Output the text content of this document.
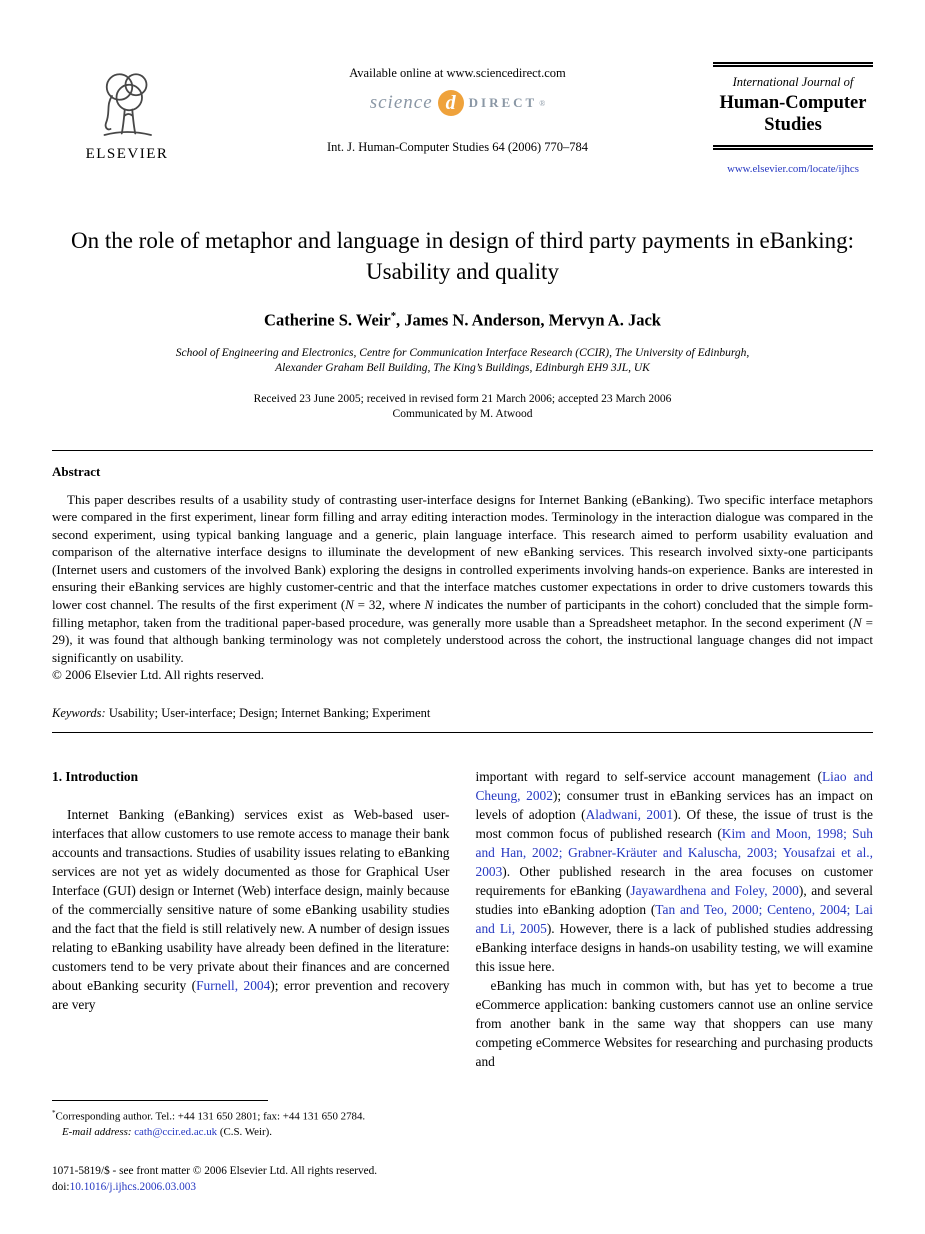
ELSEVIER
Available online at www.sciencedirect.com
science d	DIRECT ®
Int. J. Human-Computer Studies 64 (2006) 770–784
International Journal of
Human-Computer
Studies
www.elsevier.com/locate/ijhcs
On the role of metaphor and language in design of third party payments in eBanking: Usability and quality
Catherine S. Weir*, James N. Anderson, Mervyn A. Jack
School of Engineering and Electronics, Centre for Communication Interface Research (CCIR), The University of Edinburgh,
Alexander Graham Bell Building, The King’s Buildings, Edinburgh EH9 3JL, UK
Received 23 June 2005; received in revised form 21 March 2006; accepted 23 March 2006
Communicated by M. Atwood
Abstract

This paper describes results of a usability study of contrasting user-interface designs for Internet Banking (eBanking). Two specific interface metaphors were compared in the first experiment, linear form filling and array editing interaction modes. Terminology in the interaction dialogue was compared in the second experiment, using typical banking language and a generic, plain language interface. This research aimed to perform usability evaluation and comparison of the alternative interface designs to illuminate the development of new eBanking services. This research involved sixty-one participants (Internet users and customers of the involved Bank) exploring the designs in controlled experiments involving hands-on experience. Banks are interested in ensuring their eBanking services are highly customer-centric and that the interface matches customer expectations in order to drive customers towards this lower cost channel. The results of the first experiment (N = 32, where N indicates the number of participants in the cohort) concluded that the simple form-filling metaphor, taken from the traditional paper-based procedure, was generally more usable than a Spreadsheet metaphor. In the second experiment (N = 29), it was found that although banking terminology was not completely understood across the cohort, the instructional language changes did not impact significantly on usability.

© 2006 Elsevier Ltd. All rights reserved.
Keywords: Usability; User-interface; Design; Internet Banking; Experiment
1. Introduction

Internet Banking (eBanking) services exist as Web-based user-interfaces that allow customers to use remote access to manage their bank accounts and transactions. Studies of usability issues relating to eBanking services are not yet as widely documented as those for Graphical User Interface (GUI) design or Internet (Web) interface design, mainly because of the commercially sensitive nature of some eBanking usability studies and the fact that the field is still relatively new. A number of design issues relating to eBanking usability have already been defined in the literature: customers tend to be very private about their finances and are concerned about eBanking security (Furnell, 2004); error prevention and recovery are very

*Corresponding author. Tel.: +44 131 650 2801; fax: +44 131 650 2784.
E-mail address: cath@ccir.ed.ac.uk (C.S. Weir).

important with regard to self-service account management (Liao and Cheung, 2002); consumer trust in eBanking services has an impact on levels of adoption (Aladwani, 2001). Of these, the issue of trust is the most common focus of published research (Kim and Moon, 1998; Suh and Han, 2002; Grabner-Kräuter and Kaluscha, 2003; Yousafzai et al., 2003). Other published research in the area focuses on customer requirements for eBanking (Jayawardhena and Foley, 2000), and several studies into eBanking adoption (Tan and Teo, 2000; Centeno, 2004; Lai and Li, 2005). However, there is a lack of published studies addressing eBanking interface designs in hands-on usability testing, we will examine this issue here.

eBanking has much in common with, but has yet to become a true eCommerce application: banking customers cannot use an online service from another bank in the same way that shoppers can use many competing eCommerce Websites for researching and purchasing products and

1071-5819/$ - see front matter © 2006 Elsevier Ltd. All rights reserved.
doi:10.1016/j.ijhcs.2006.03.003
